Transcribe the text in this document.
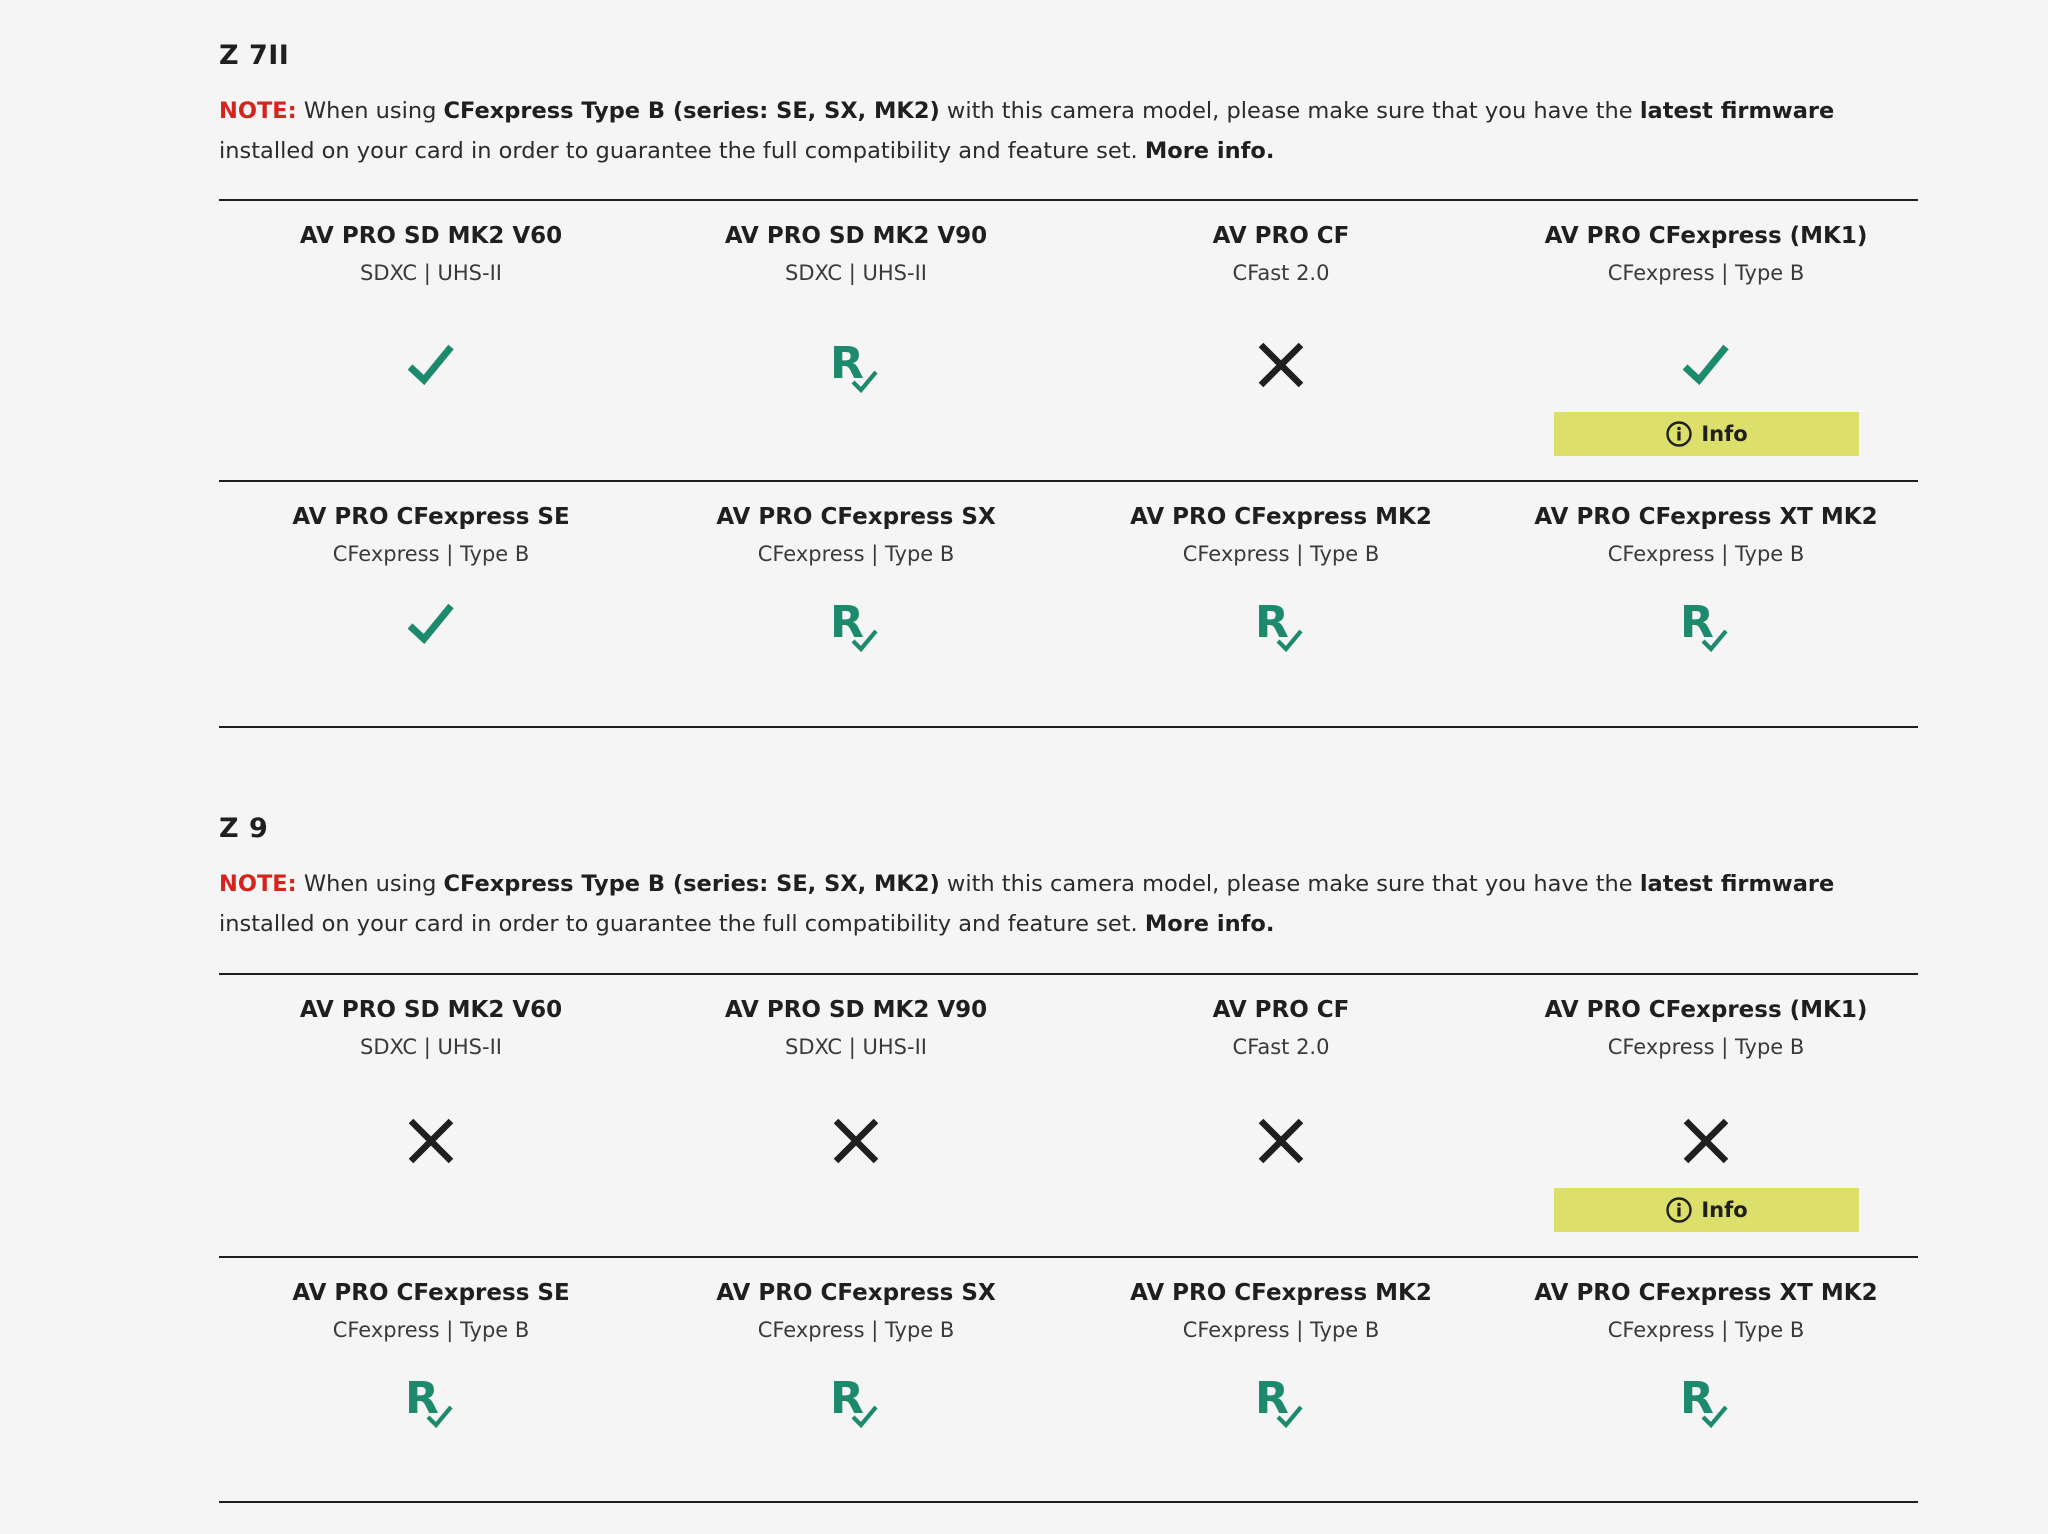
Z 7II

NOTE: When using CFexpress Type B (series: SE, SX, MK2) with this camera model, please make sure that you have the latest firmware installed on your card in order to guarantee the full compatibility and feature set. More info.

AV PRO SD MK2 V60
SDXC | UHS-II
AV PRO SD MK2 V90
SDXC | UHS-II
R
AV PRO CF
CFast 2.0
AV PRO CFexpress (MK1)
CFexpress | Type B
Info
AV PRO CFexpress SE
CFexpress | Type B
AV PRO CFexpress SX
CFexpress | Type B
R
AV PRO CFexpress MK2
CFexpress | Type B
R
AV PRO CFexpress XT MK2
CFexpress | Type B
R
Z 9

NOTE: When using CFexpress Type B (series: SE, SX, MK2) with this camera model, please make sure that you have the latest firmware installed on your card in order to guarantee the full compatibility and feature set. More info.

AV PRO SD MK2 V60
SDXC | UHS-II
AV PRO SD MK2 V90
SDXC | UHS-II
AV PRO CF
CFast 2.0
AV PRO CFexpress (MK1)
CFexpress | Type B
Info
AV PRO CFexpress SE
CFexpress | Type B
R
AV PRO CFexpress SX
CFexpress | Type B
R
AV PRO CFexpress MK2
CFexpress | Type B
R
AV PRO CFexpress XT MK2
CFexpress | Type B
R
